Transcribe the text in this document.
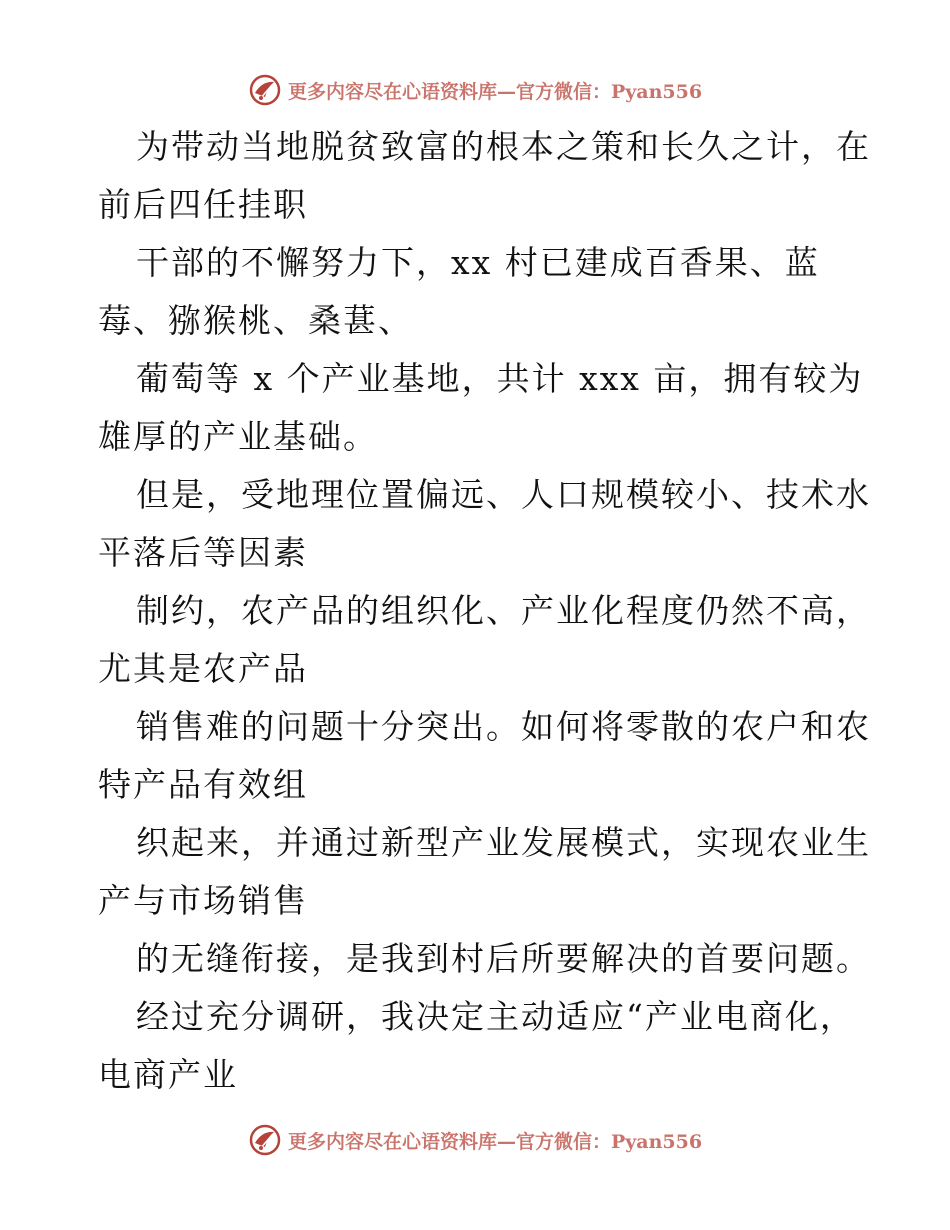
更多内容尽在心语资料库—官方微信：Pyan556
为带动当地脱贫致富的根本之策和长久之计，在
前后四任挂职
干部的不懈努力下，xx 村已建成百香果、蓝
莓、猕猴桃、桑葚、
葡萄等 x 个产业基地，共计 xxx 亩，拥有较为
雄厚的产业基础。
但是，受地理位置偏远、人口规模较小、技术水
平落后等因素
制约，农产品的组织化、产业化程度仍然不高，
尤其是农产品
销售难的问题十分突出。如何将零散的农户和农
特产品有效组
织起来，并通过新型产业发展模式，实现农业生
产与市场销售
的无缝衔接，是我到村后所要解决的首要问题。
经过充分调研，我决定主动适应“产业电商化，
电商产业
更多内容尽在心语资料库—官方微信：Pyan556
